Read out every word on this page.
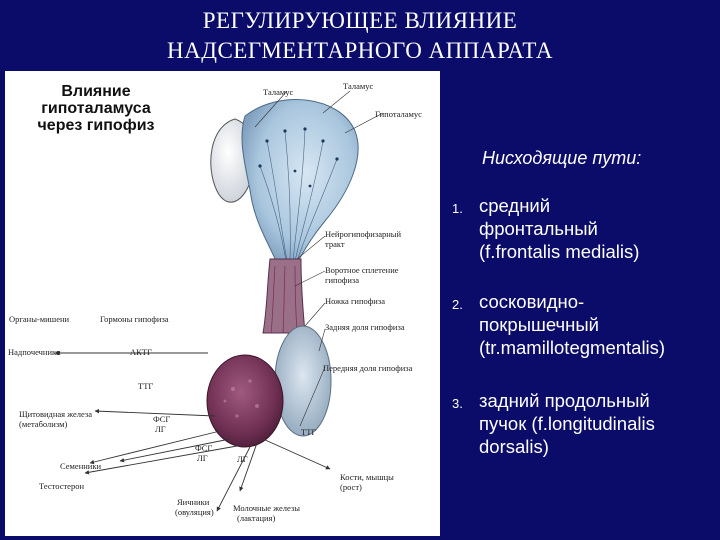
РЕГУЛИРУЮЩЕЕ ВЛИЯНИЕ
НАДСЕГМЕНТАРНОГО АППАРАТА
Влияние
гипоталамуса
через гипофиз
Таламус
Таламус
Гипоталамус
Нейрогипофизарный
тракт
Воротное сплетение
гипофиза
Ножка гипофиза
Задняя доля гипофиза
Передняя доля гипофиза
Органы-мишени	Гормоны гипофиза
Надпочечники	АКТГ
ТТГ
Щитовидная железа
(метаболизм)	ФСГ
ЛГ
ФСГ
ЛГ
ТТГ
Семенники
Тестостерон
ЛГ
Яичники
(овуляция) Молочные железы
(лактация)
Кости, мышцы
(рост)
Нисходящие пути:
1. средний
фронтальный
(f.frontalis medialis)
2. сосковидно-
покрышечный
(tr.mamillotegmentalis)
3. задний продольный
пучок (f.longitudinalis
dorsalis)
